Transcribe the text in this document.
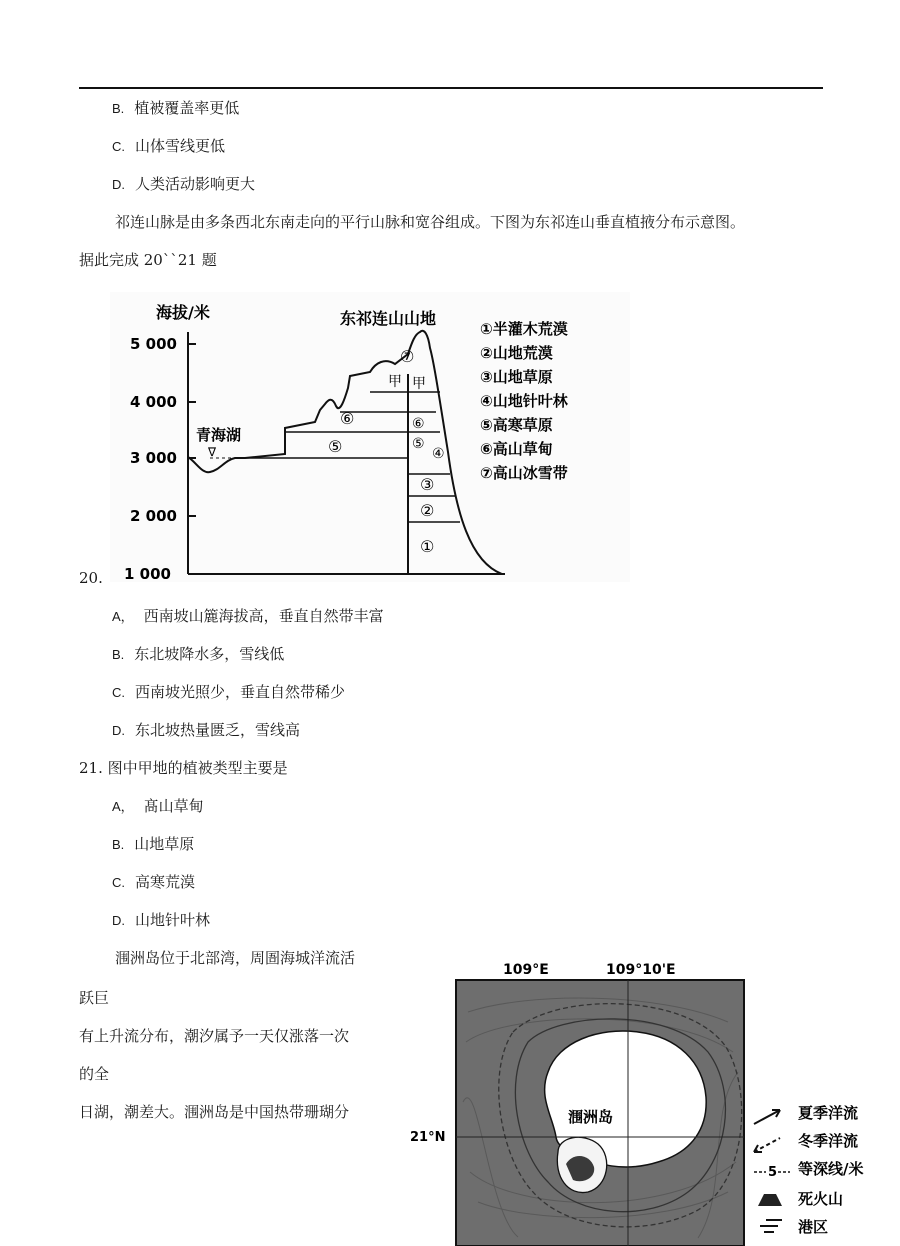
B. 植被覆盖率更低
C. 山体雪线更低
D. 人类活动影响更大
祁连山脉是由多条西北东南走向的平行山脉和宽谷组成。下图为东祁连山垂直植掖分布示意图。
据此完成 20``21 题
海拔/米
5 000
4 000
3 000
2 000
1 000
东祁连山山地
青海湖
∇
⑦
甲 甲
⑥	⑥
⑤	⑤
④
③
②
①
①半灌木荒漠
②山地荒漠
③山地草原
④山地针叶林
⑤高寒草原
⑥高山草甸
⑦高山冰雪带
20.
A， 西南坡山簏海拔高，垂直自然带丰富
B. 东北坡降水多，雪线低
C. 西南坡光照少，垂直自然带稀少
D. 东北坡热量匮乏，雪线高
21. 图中甲地的植被类型主要是
A， 髙山草甸
B. 山地草原
C. 高寒荒漠
D. 山地针叶林
涠洲岛位于北部湾，周圄海城洋流活
跃巨
有上升流分布，潮汐属予一天仅涨落一次
的全
日湖，潮差大。涠洲岛是中国热带珊瑚分
109°E	109°10'E
21°N
涠洲岛	夏季洋流
冬季洋流
5 等深线/米
死火山
港区
